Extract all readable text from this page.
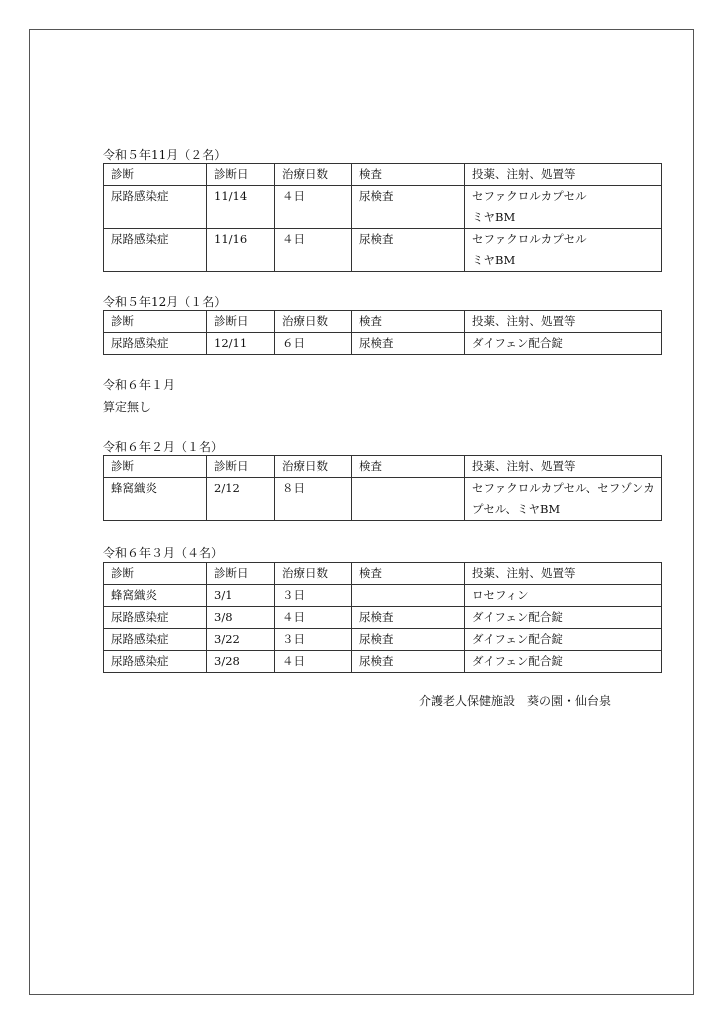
令和５年11月（２名）
診断	診断日	治療日数	検査	投薬、注射、処置等
尿路感染症	11/14	４日	尿検査	セファクロルカプセル
ミヤBM
尿路感染症	11/16	４日	尿検査	セファクロルカプセル
ミヤBM
令和５年12月（１名）
診断	診断日	治療日数	検査	投薬、注射、処置等
尿路感染症	12/11	６日	尿検査	ダイフェン配合錠
令和６年１月
算定無し
令和６年２月（１名）
診断	診断日	治療日数	検査	投薬、注射、処置等
蜂窩織炎	2/12	８日		セファクロルカプセル、セフゾンカプセル、ミヤBM
令和６年３月（４名）
診断	診断日	治療日数	検査	投薬、注射、処置等
蜂窩織炎	3/1	３日		ロセフィン
尿路感染症	3/8	４日	尿検査	ダイフェン配合錠
尿路感染症	3/22	３日	尿検査	ダイフェン配合錠
尿路感染症	3/28	４日	尿検査	ダイフェン配合錠
介護老人保健施設　葵の園・仙台泉
